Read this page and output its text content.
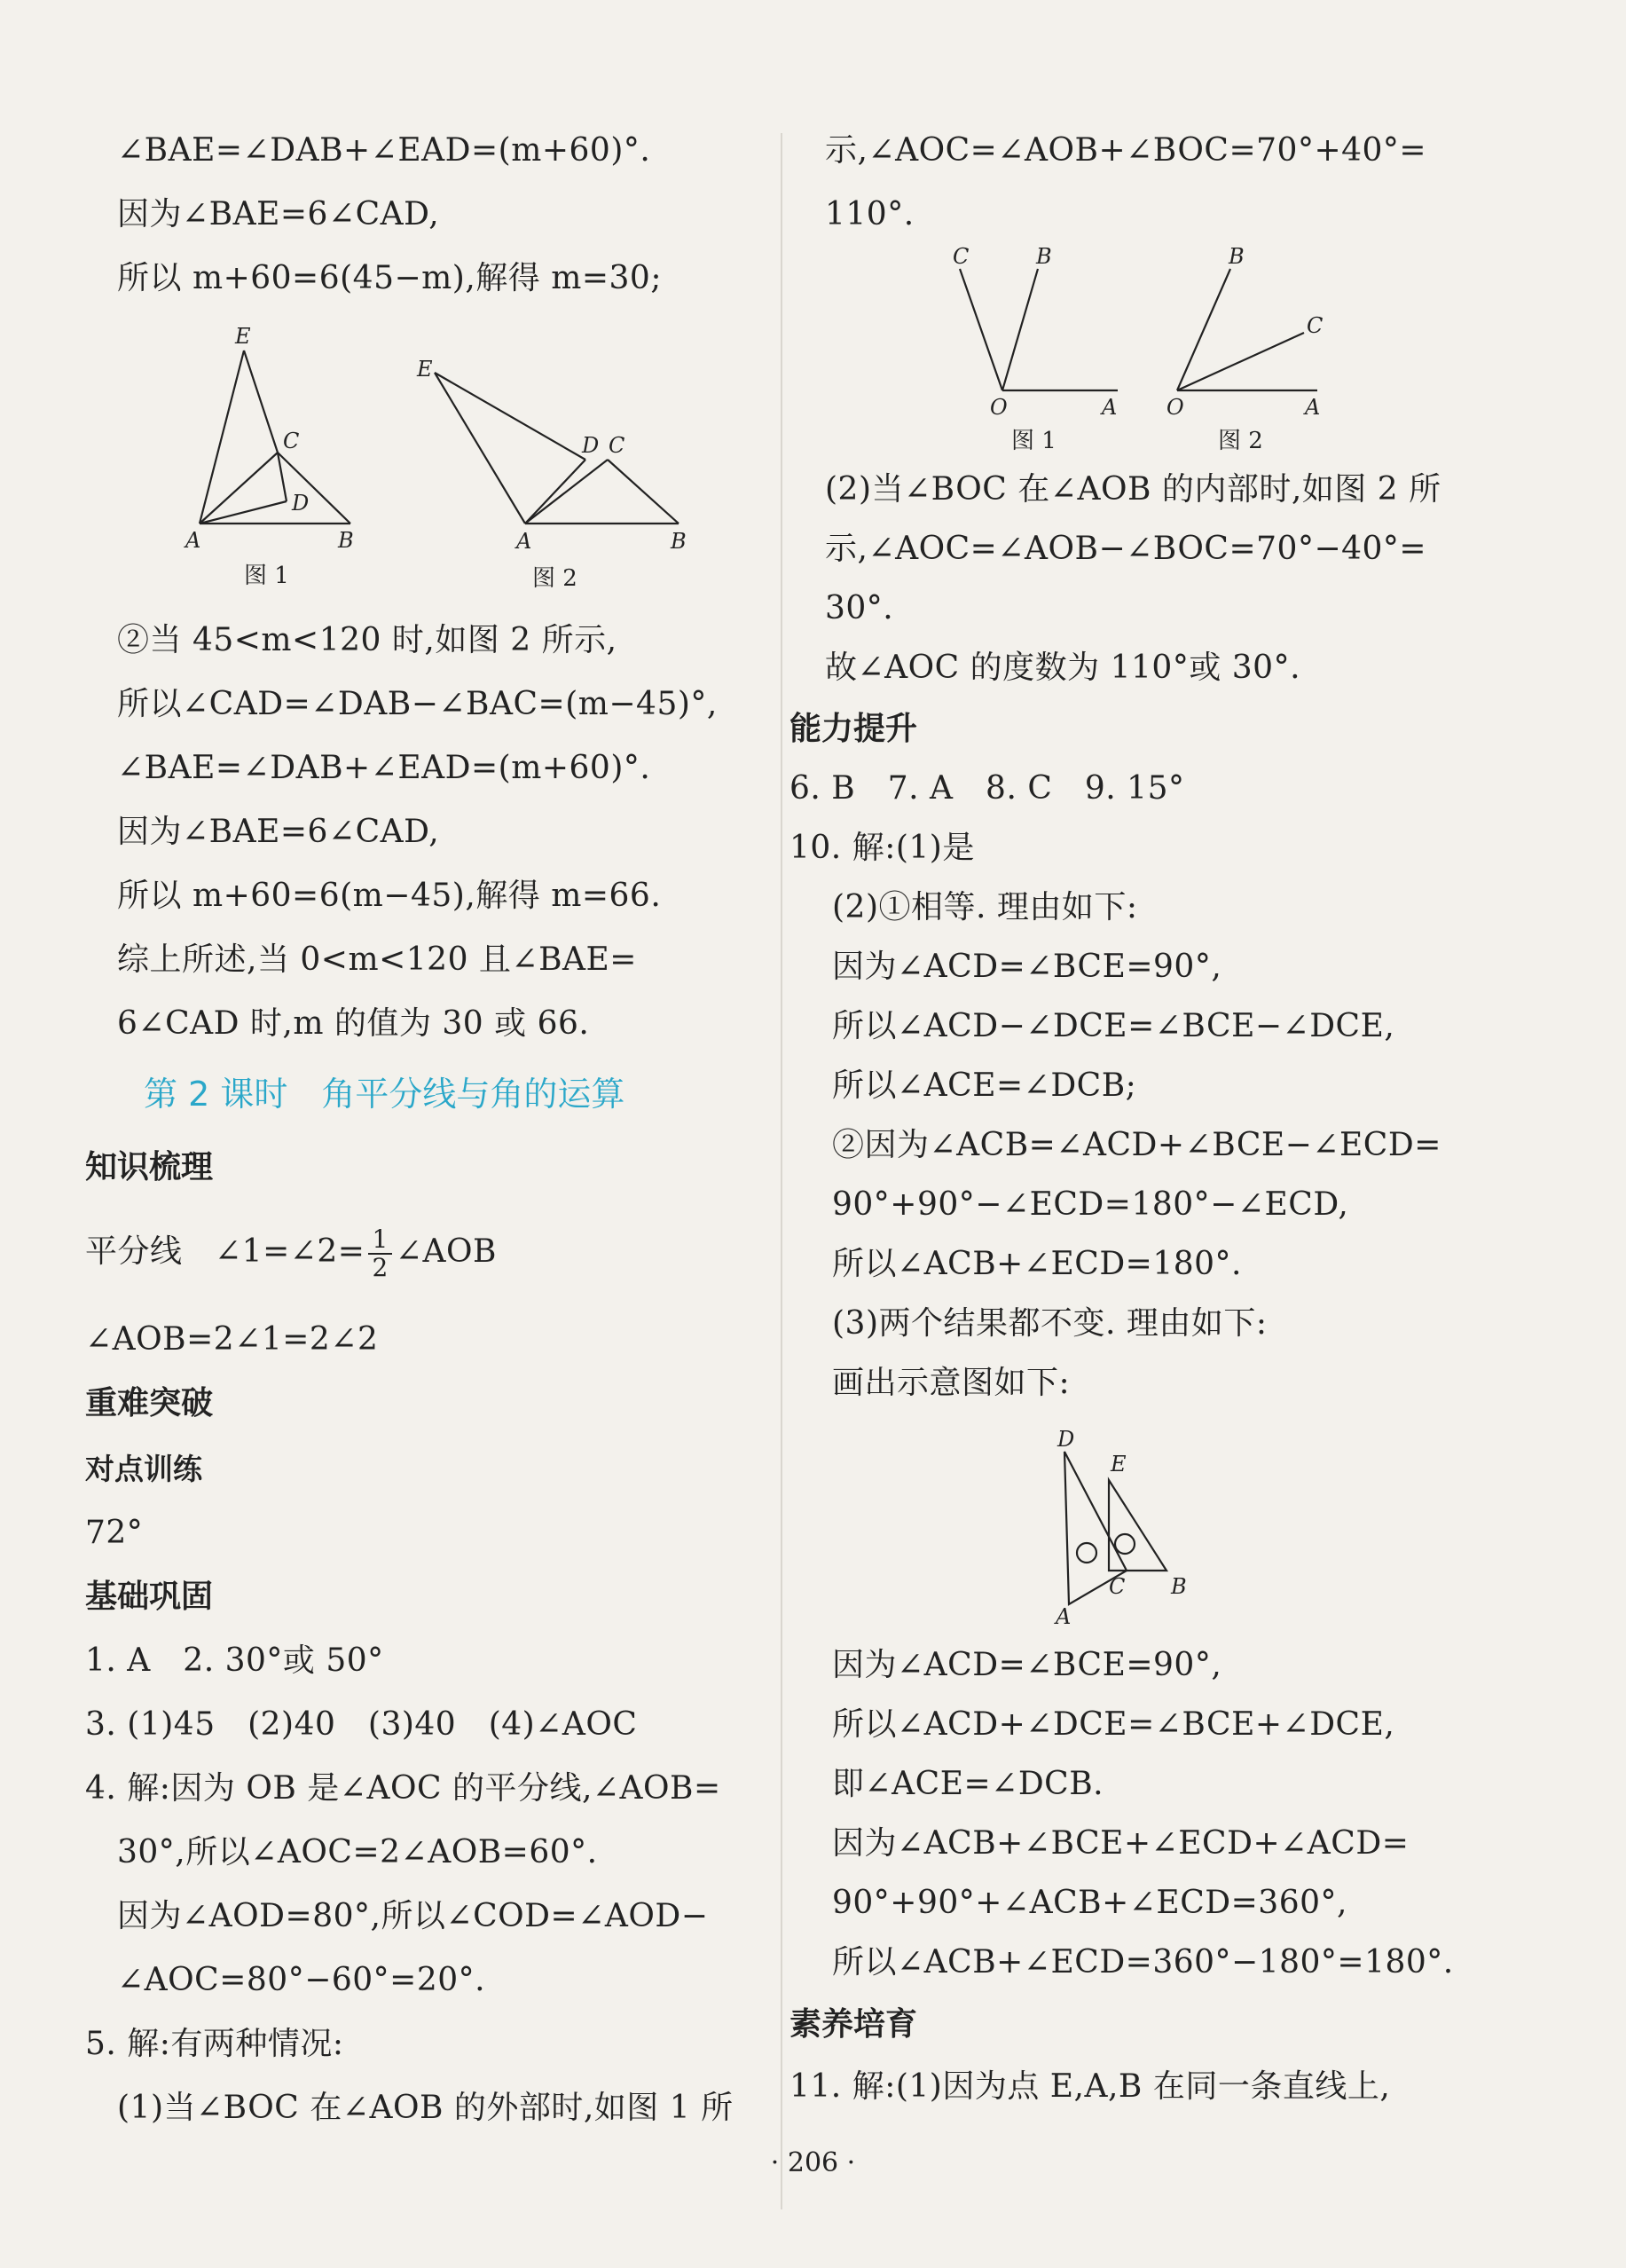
∠BAE=∠DAB+∠EAD=(m+60)°.
因为∠BAE=6∠CAD,
所以 m+60=6(45−m),解得 m=30;
E
C
D
A	B
图 1
E
D C
A	B
图 2
②当 45<m<120 时,如图 2 所示,
所以∠CAD=∠DAB−∠BAC=(m−45)°,
∠BAE=∠DAB+∠EAD=(m+60)°.
因为∠BAE=6∠CAD,
所以 m+60=6(m−45),解得 m=66.
综上所述,当 0<m<120 且∠BAE=
6∠CAD 时,m 的值为 30 或 66.
第 2 课时　角平分线与角的运算
知识梳理
平分线　∠1=∠2= $\frac{1}{2}$ ∠AOB
∠AOB=2∠1=2∠2
重难突破
对点训练
72°
基础巩固
1. A　2. 30°或 50°
3. (1)45　(2)40　(3)40　(4)∠AOC
4. 解:因为 OB 是∠AOC 的平分线,∠AOB=
30°,所以∠AOC=2∠AOB=60°.
因为∠AOD=80°,所以∠COD=∠AOD−
∠AOC=80°−60°=20°.
5. 解:有两种情况:
(1)当∠BOC 在∠AOB 的外部时,如图 1 所
示,∠AOC=∠AOB+∠BOC=70°+40°=
110°.
C	B
O	A
图 1
B
C
O	A
图 2
(2)当∠BOC 在∠AOB 的内部时,如图 2 所
示,∠AOC=∠AOB−∠BOC=70°−40°=
30°.
故∠AOC 的度数为 110°或 30°.
能力提升
6. B　7. A　8. C　9. 15°
10. 解:(1)是
(2)①相等. 理由如下:
因为∠ACD=∠BCE=90°,
所以∠ACD−∠DCE=∠BCE−∠DCE,
所以∠ACE=∠DCB;
②因为∠ACB=∠ACD+∠BCE−∠ECD=
90°+90°−∠ECD=180°−∠ECD,
所以∠ACB+∠ECD=180°.
(3)两个结果都不变. 理由如下:
画出示意图如下:
D
E
A
C B
因为∠ACD=∠BCE=90°,
所以∠ACD+∠DCE=∠BCE+∠DCE,
即∠ACE=∠DCB.
因为∠ACB+∠BCE+∠ECD+∠ACD=
90°+90°+∠ACB+∠ECD=360°,
所以∠ACB+∠ECD=360°−180°=180°.
素养培育
11. 解:(1)因为点 E,A,B 在同一条直线上,
· 206 ·
